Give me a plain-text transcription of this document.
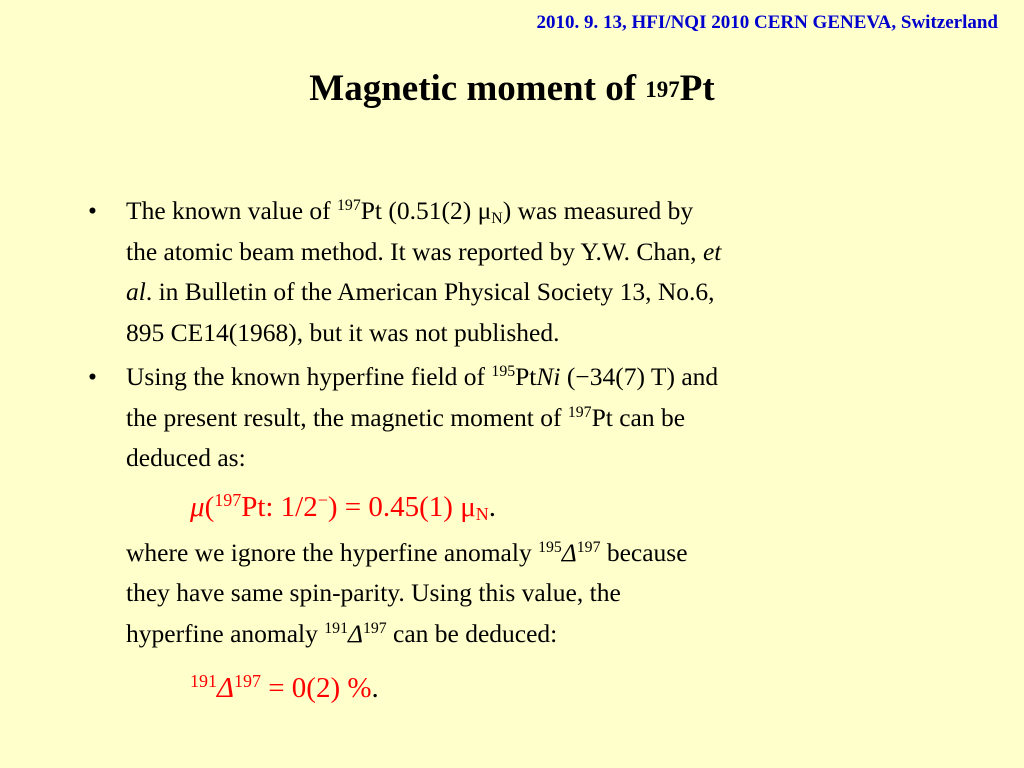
2010. 9. 13, HFI/NQI 2010 CERN GENEVA, Switzerland
Magnetic moment of $^{197}$Pt
• The known value of $^{197}$Pt (0.51(2) $\mu_N$) was measured by
the atomic beam method. It was reported by Y.W. Chan, et
al. in Bulletin of the American Physical Society 13, No.6,
895 CE14(1968), but it was not published.
• Using the known hyperfine field of $^{195}$PtNi (−34(7) T) and
the present result, the magnetic moment of $^{197}$Pt can be
deduced as:
μ($^{197}$Pt: 1/2−) = 0.45(1) $\mu_N$.
where we ignore the hyperfine anomaly $^{195}\Delta^{197}$ because
they have same spin-parity. Using this value, the
hyperfine anomaly $^{191}\Delta^{197}$ can be deduced:
$^{191}\Delta^{197} = 0(2)$ %.
